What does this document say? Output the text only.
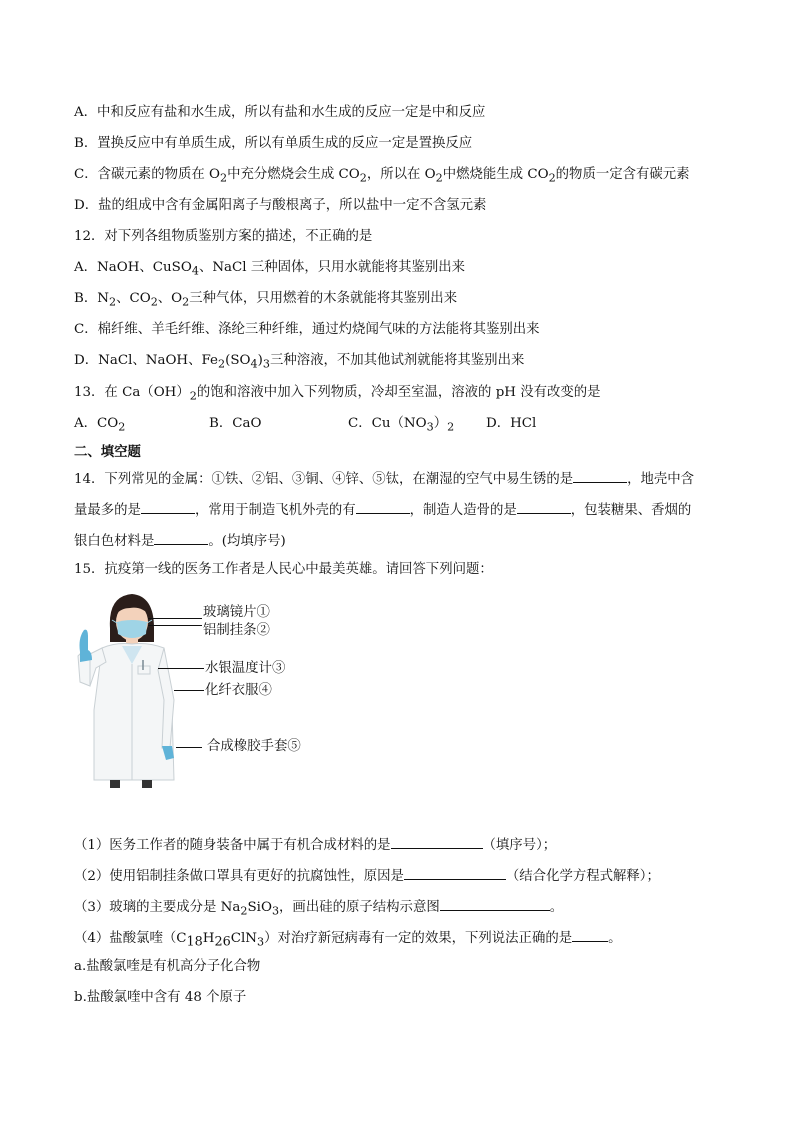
A．中和反应有盐和水生成，所以有盐和水生成的反应一定是中和反应
B．置换反应中有单质生成，所以有单质生成的反应一定是置换反应
C．含碳元素的物质在 $O_2$中充分燃烧会生成 $CO_2$，所以在 $O_2$中燃烧能生成 $CO_2$的物质一定含有碳元素
D．盐的组成中含有金属阳离子与酸根离子，所以盐中一定不含氢元素
12．对下列各组物质鉴别方案的描述，不正确的是
A．NaOH、CuSO$_4$、NaCl 三种固体，只用水就能将其鉴别出来
B．$N_2$、$CO_2$、$O_2$三种气体，只用燃着的木条就能将其鉴别出来
C．棉纤维、羊毛纤维、涤纶三种纤维，通过灼烧闻气味的方法能将其鉴别出来
D．NaCl、NaOH、$Fe_2(SO_4)_3$三种溶液，不加其他试剂就能将其鉴别出来
13．在 $Ca(OH)_2$的饱和溶液中加入下列物质，冷却至室温，溶液的 pH 没有改变的是
A．$CO_2$	B．CaO	C．$Cu(NO_3)_2$ D．HCl
二、填空题
14．下列常见的金属：①铁、②铝、③铜、④锌、⑤钛，在潮湿的空气中易生锈的是	，地壳中含
量最多的是	，常用于制造飞机外壳的有	，制造人造骨的是	，包装糖果、香烟的
银白色材料是	。(均填序号)
15．抗疫第一线的医务工作者是人民心中最美英雄。请回答下列问题：
玻璃镜片①
铝制挂条②
水银温度计③
化纤衣服④
合成橡胶手套⑤
（1）医务工作者的随身装备中属于有机合成材料的是	（填序号）；
（2）使用铝制挂条做口罩具有更好的抗腐蚀性，原因是	（结合化学方程式解释）；
（3）玻璃的主要成分是 $Na_2SiO_3$，画出硅的原子结构示意图	。
（4）盐酸氯喹$(C_{18}H_{26}ClN_3)$对治疗新冠病毒有一定的效果，下列说法正确的是	。
a.盐酸氯喹是有机高分子化合物
b.盐酸氯喹中含有 48 个原子
